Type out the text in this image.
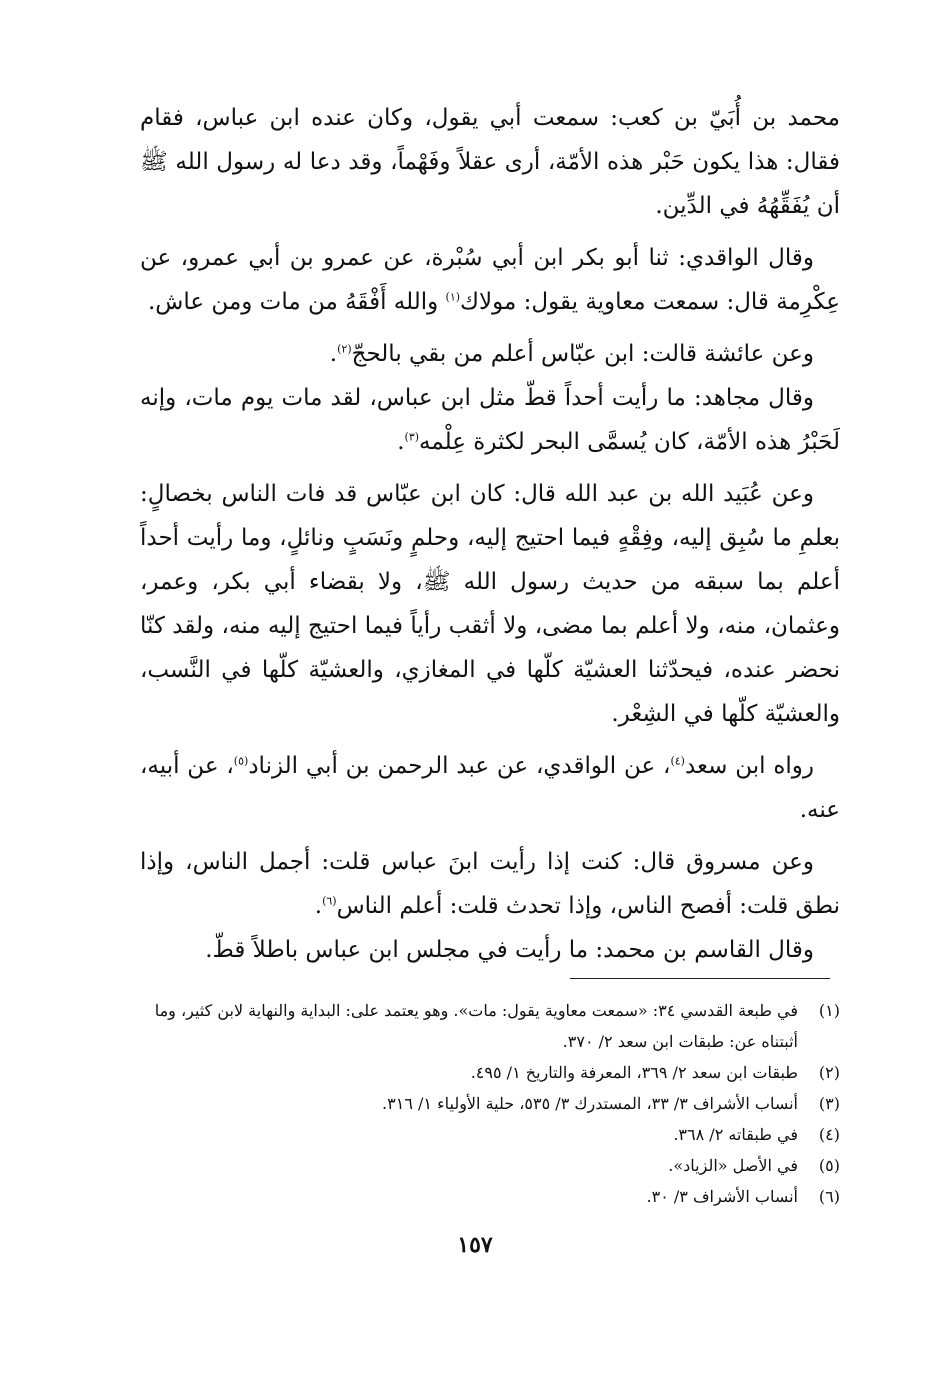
محمد بن أُبَيّ بن كعب: سمعت أبي يقول، وكان عنده ابن عباس، فقام فقال: هذا يكون حَبْر هذه الأمّة، أرى عقلاً وفَهْماً، وقد دعا له رسول الله ﷺ أن يُفَقِّهُهُ في الدِّين.

وقال الواقدي: ثنا أبو بكر ابن أبي سُبْرة، عن عمرو بن أبي عمرو، عن عِكْرِمة قال: سمعت معاوية يقول: مولاك$^{(١)}$ والله أَفْقَهُ من مات ومن عاش.

وعن عائشة قالت: ابن عبّاس أعلم من بقي بالحجّ$^{(٢)}$.

وقال مجاهد: ما رأيت أحداً قطّ مثل ابن عباس، لقد مات يوم مات، وإنه لَحَبْرُ هذه الأمّة، كان يُسمَّى البحر لكثرة عِلْمه$^{(٣)}$.

وعن عُبَيد الله بن عبد الله قال: كان ابن عبّاس قد فات الناس بخصالٍ: بعلمِ ما سُبِق إليه، وفِقْهٍ فيما احتيج إليه، وحلمٍ ونَسَبٍ ونائلٍ، وما رأيت أحداً أعلم بما سبقه من حديث رسول الله ﷺ، ولا بقضاء أبي بكر، وعمر، وعثمان، منه، ولا أعلم بما مضى، ولا أثقب رأياً فيما احتيج إليه منه، ولقد كنّا نحضر عنده، فيحدّثنا العشيّة كلّها في المغازي، والعشيّة كلّها في النَّسب، والعشيّة كلّها في الشِعْر.

رواه ابن سعد$^{(٤)}$، عن الواقدي، عن عبد الرحمن بن أبي الزناد$^{(٥)}$، عن أبيه، عنه.

وعن مسروق قال: كنت إذا رأيت ابنَ عباس قلت: أجمل الناس، وإذا نطق قلت: أفصح الناس، وإذا تحدث قلت: أعلم الناس$^{(٦)}$.

وقال القاسم بن محمد: ما رأيت في مجلس ابن عباس باطلاً قطّ.

(١)
في طبعة القدسي ٣٤: «سمعت معاوية يقول: مات». وهو يعتمد على: البداية والنهاية لابن كثير، وما أثبتناه عن: طبقات ابن سعد ٢/ ٣٧٠.
(٢)
طبقات ابن سعد ٢/ ٣٦٩، المعرفة والتاريخ ١/ ٤٩٥.
(٣)
أنساب الأشراف ٣/ ٣٣، المستدرك ٣/ ٥٣٥، حلية الأولياء ١/ ٣١٦.
(٤)
في طبقاته ٢/ ٣٦٨.
(٥)
في الأصل «الزياد».
(٦)
أنساب الأشراف ٣/ ٣٠.
١٥٧
